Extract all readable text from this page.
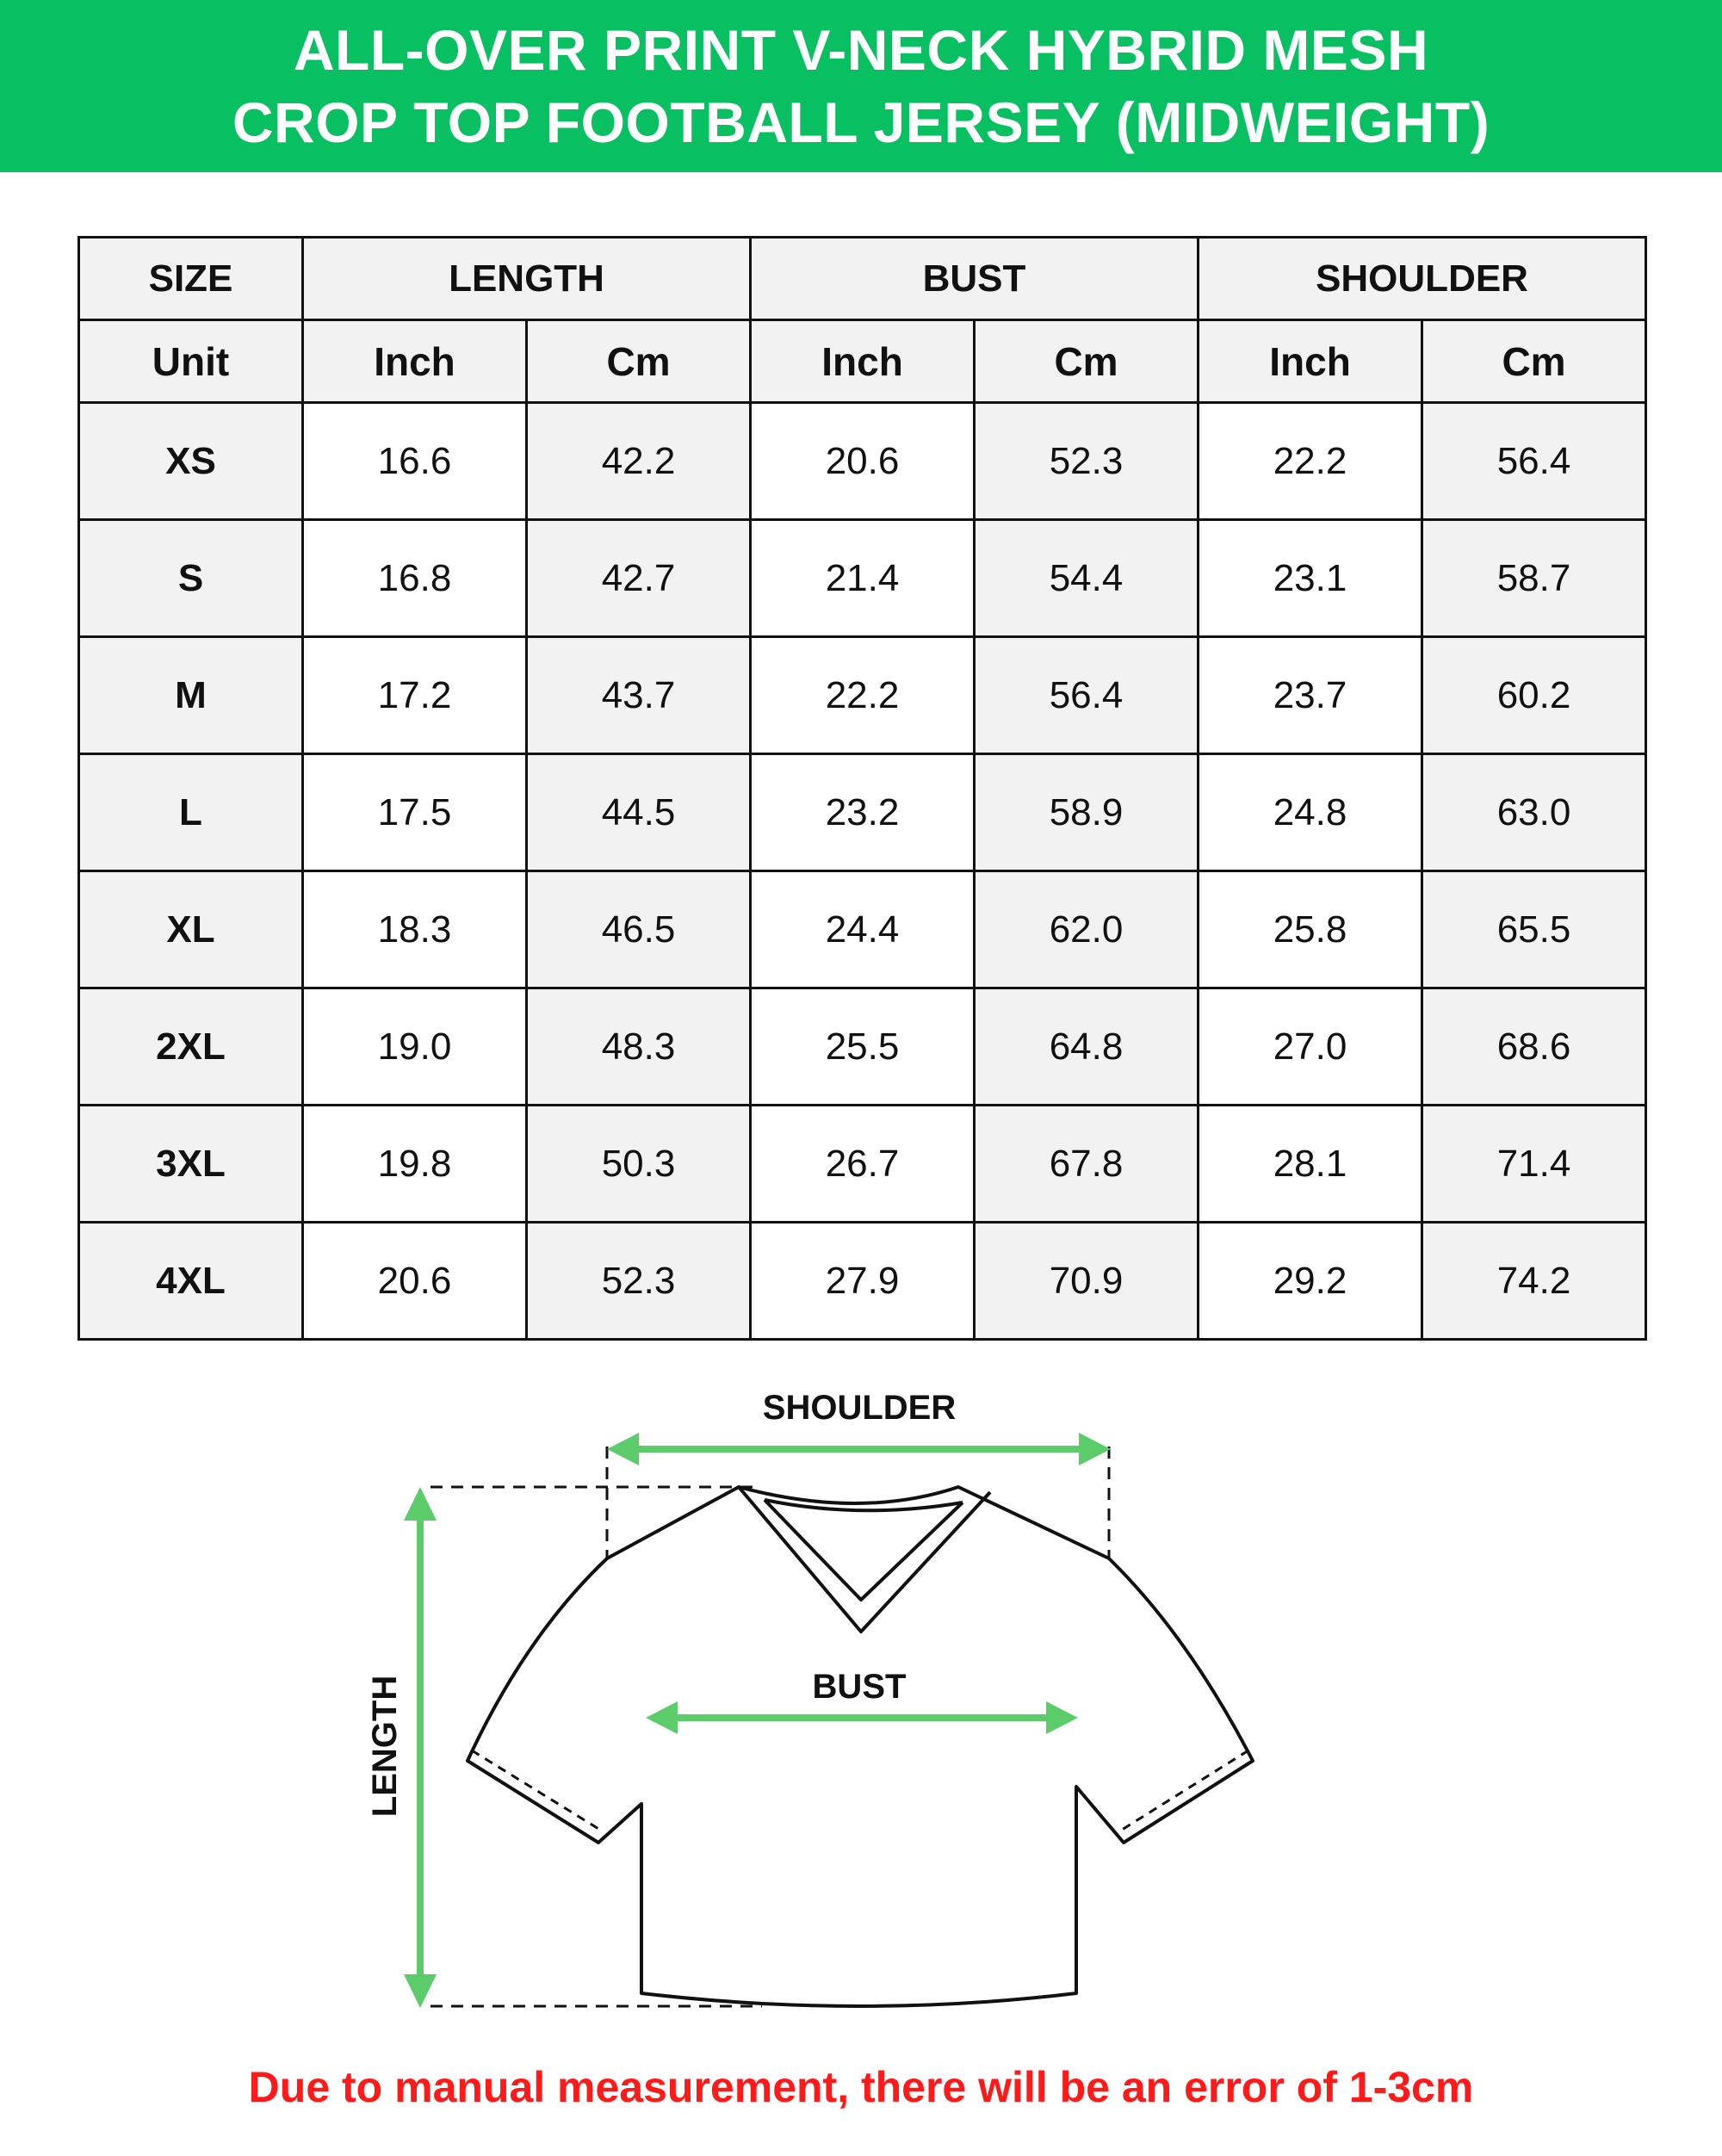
ALL-OVER PRINT V-NECK HYBRID MESH
CROP TOP FOOTBALL JERSEY (MIDWEIGHT)
SIZE	LENGTH		BUST		SHOULDER	
Unit	Inch	Cm	Inch	Cm	Inch	Cm
XS	16.6	42.2	20.6	52.3	22.2	56.4
S	16.8	42.7	21.4	54.4	23.1	58.7
M	17.2	43.7	22.2	56.4	23.7	60.2
L	17.5	44.5	23.2	58.9	24.8	63.0
XL	18.3	46.5	24.4	62.0	25.8	65.5
2XL	19.0	48.3	25.5	64.8	27.0	68.6
3XL	19.8	50.3	26.7	67.8	28.1	71.4
4XL	20.6	52.3	27.9	70.9	29.2	74.2
SHOULDER
BUST
LENGTH
Due to manual measurement, there will be an error of 1-3cm
